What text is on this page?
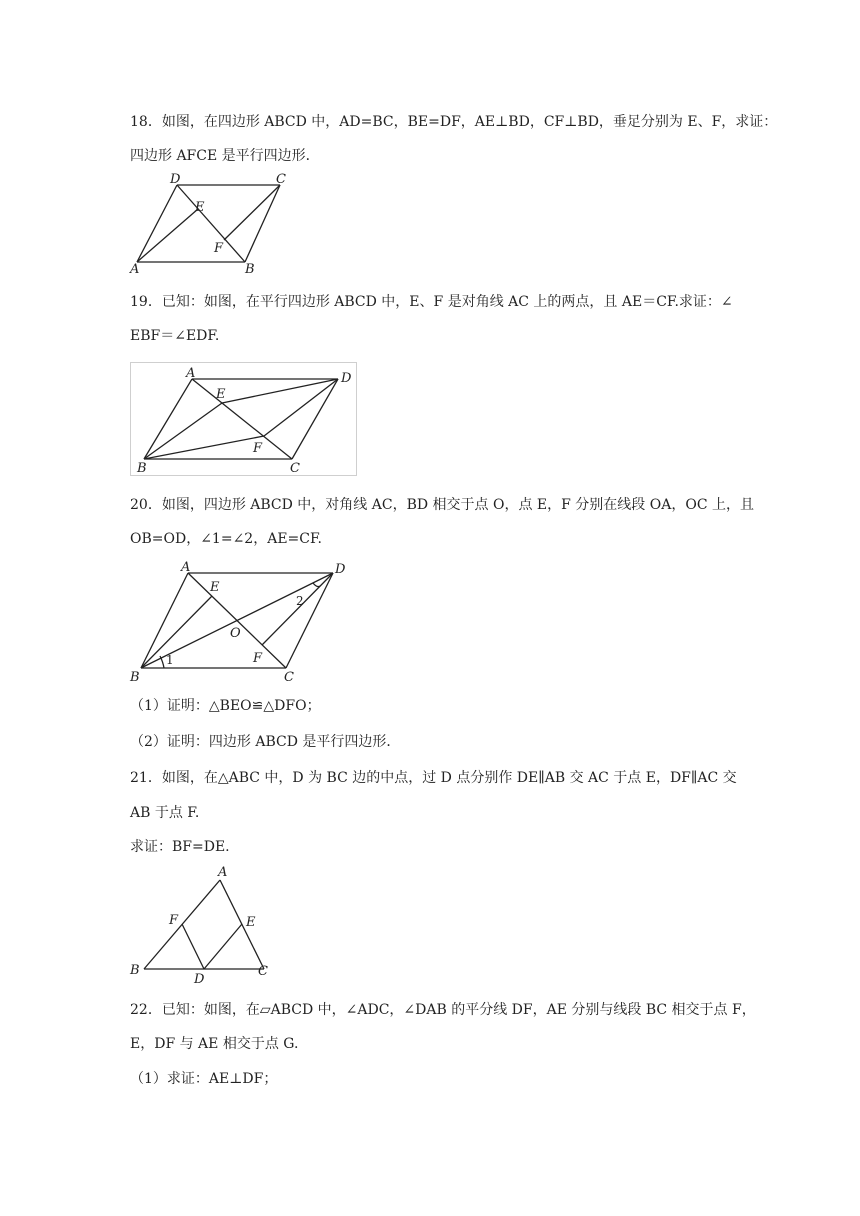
18．如图，在四边形 ABCD 中，AD=BC，BE=DF，AE⊥BD，CF⊥BD，垂足分别为 E、F，求证：
四边形 AFCE 是平行四边形．
D	C
E
F
A	B
19．已知：如图，在平行四边形 ABCD 中，E、F 是对角线 AC 上的两点，且 AE＝CF.求证：∠
EBF＝∠EDF.
A	D
E
F
B	C
20．如图，四边形 ABCD 中，对角线 AC，BD 相交于点 O，点 E，F 分别在线段 OA，OC 上，且
OB=OD，∠1=∠2，AE=CF.
A	D
E
O
F
B	C
1
2
（1）证明：△BEO≌△DFO；
（2）证明：四边形 ABCD 是平行四边形．
21．如图，在△ABC 中，D 为 BC 边的中点，过 D 点分别作 DE∥AB 交 AC 于点 E，DF∥AC 交
AB 于点 F.
求证：BF=DE.
A
F	E
B
D
C
22．已知：如图，在▱ABCD 中，∠ADC，∠DAB 的平分线 DF，AE 分别与线段 BC 相交于点 F，
E，DF 与 AE 相交于点 G.
（1）求证：AE⊥DF；
